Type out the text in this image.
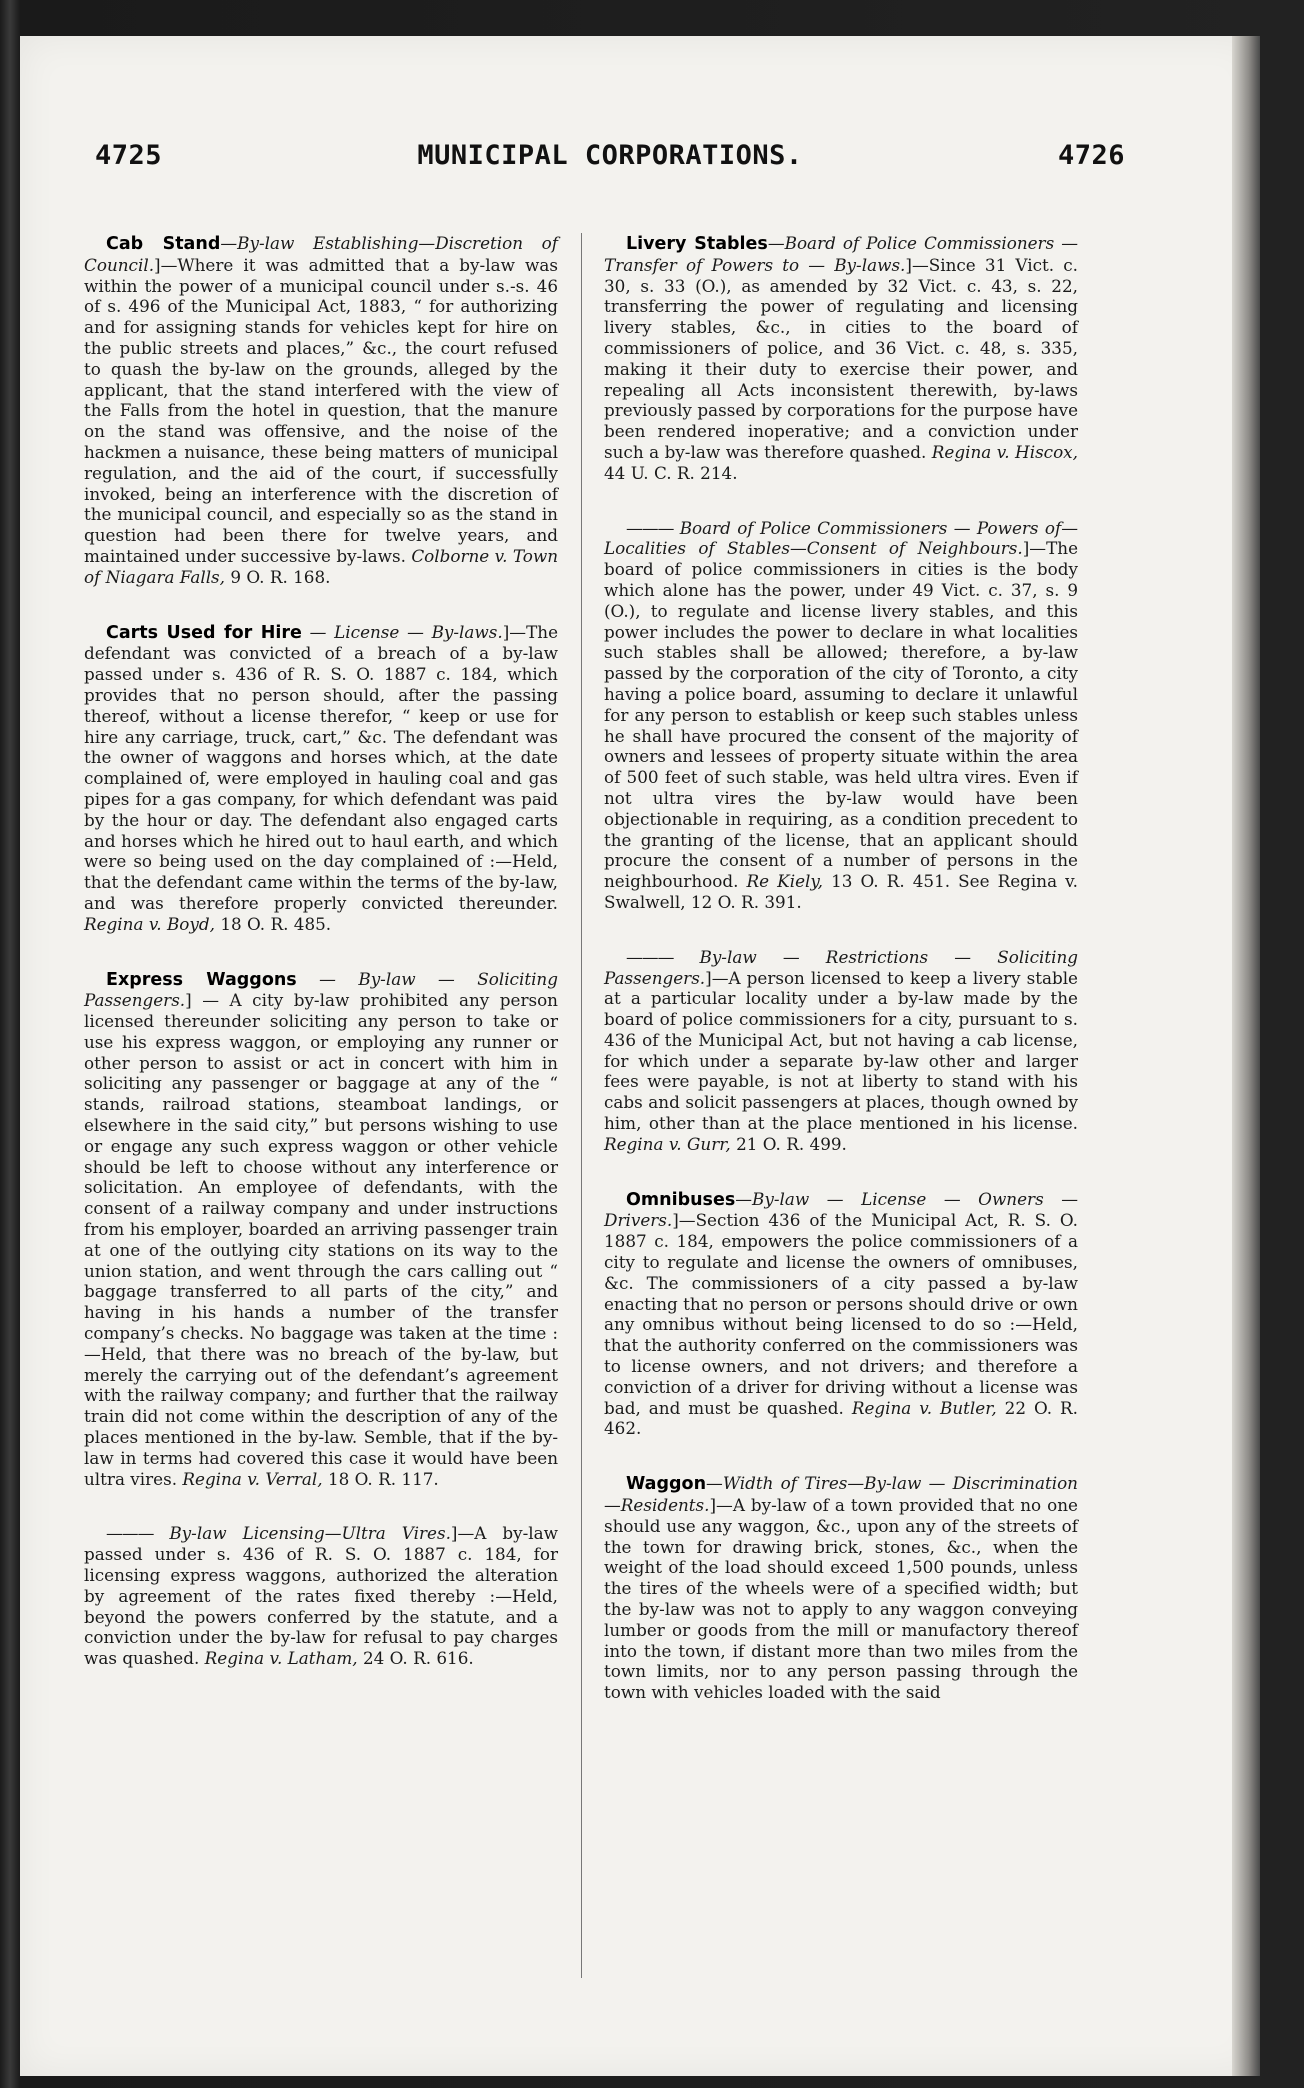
4725	MUNICIPAL CORPORATIONS.	4726

Cab Stand—By-law Establishing—Discretion of Council.]—Where it was admitted that a by-law was within the power of a municipal council under s.-s. 46 of s. 496 of the Municipal Act, 1883, “ for authorizing and for assigning stands for vehicles kept for hire on the public streets and places,” &c., the court refused to quash the by-law on the grounds, alleged by the applicant, that the stand interfered with the view of the Falls from the hotel in question, that the manure on the stand was offensive, and the noise of the hackmen a nuisance, these being matters of municipal regulation, and the aid of the court, if successfully invoked, being an interference with the discretion of the municipal council, and especially so as the stand in question had been there for twelve years, and maintained under successive by-laws. Colborne v. Town of Niagara Falls, 9 O. R. 168.

Carts Used for Hire — License — By-laws.]—The defendant was convicted of a breach of a by-law passed under s. 436 of R. S. O. 1887 c. 184, which provides that no person should, after the passing thereof, without a license therefor, “ keep or use for hire any carriage, truck, cart,” &c. The defendant was the owner of waggons and horses which, at the date complained of, were employed in hauling coal and gas pipes for a gas company, for which defendant was paid by the hour or day. The defendant also engaged carts and horses which he hired out to haul earth, and which were so being used on the day complained of :—Held, that the defendant came within the terms of the by-law, and was therefore properly convicted thereunder. Regina v. Boyd, 18 O. R. 485.

Express Waggons — By-law — Soliciting Passengers.] — A city by-law prohibited any person licensed thereunder soliciting any person to take or use his express waggon, or employing any runner or other person to assist or act in concert with him in soliciting any passenger or baggage at any of the “ stands, railroad stations, steamboat landings, or elsewhere in the said city,” but persons wishing to use or engage any such express waggon or other vehicle should be left to choose without any interference or solicitation. An employee of defendants, with the consent of a railway company and under instructions from his employer, boarded an arriving passenger train at one of the outlying city stations on its way to the union station, and went through the cars calling out “ baggage transferred to all parts of the city,” and having in his hands a number of the transfer company’s checks. No baggage was taken at the time :—Held, that there was no breach of the by-law, but merely the carrying out of the defendant’s agreement with the railway company; and further that the railway train did not come within the description of any of the places mentioned in the by-law. Semble, that if the by-law in terms had covered this case it would have been ultra vires. Regina v. Verral, 18 O. R. 117.

——— By-law Licensing—Ultra Vires.]—A by-law passed under s. 436 of R. S. O. 1887 c. 184, for licensing express waggons, authorized the alteration by agreement of the rates fixed thereby :—Held, beyond the powers conferred by the statute, and a conviction under the by-law for refusal to pay charges was quashed. Regina v. Latham, 24 O. R. 616.

Livery Stables—Board of Police Commissioners — Transfer of Powers to — By-laws.]—Since 31 Vict. c. 30, s. 33 (O.), as amended by 32 Vict. c. 43, s. 22, transferring the power of regulating and licensing livery stables, &c., in cities to the board of commissioners of police, and 36 Vict. c. 48, s. 335, making it their duty to exercise their power, and repealing all Acts inconsistent therewith, by-laws previously passed by corporations for the purpose have been rendered inoperative; and a conviction under such a by-law was therefore quashed. Regina v. Hiscox, 44 U. C. R. 214.

——— Board of Police Commissioners — Powers of—Localities of Stables—Consent of Neighbours.]—The board of police commissioners in cities is the body which alone has the power, under 49 Vict. c. 37, s. 9 (O.), to regulate and license livery stables, and this power includes the power to declare in what localities such stables shall be allowed; therefore, a by-law passed by the corporation of the city of Toronto, a city having a police board, assuming to declare it unlawful for any person to establish or keep such stables unless he shall have procured the consent of the majority of owners and lessees of property situate within the area of 500 feet of such stable, was held ultra vires. Even if not ultra vires the by-law would have been objectionable in requiring, as a condition precedent to the granting of the license, that an applicant should procure the consent of a number of persons in the neighbourhood. Re Kiely, 13 O. R. 451. See Regina v. Swalwell, 12 O. R. 391.

——— By-law — Restrictions — Soliciting Passengers.]—A person licensed to keep a livery stable at a particular locality under a by-law made by the board of police commissioners for a city, pursuant to s. 436 of the Municipal Act, but not having a cab license, for which under a separate by-law other and larger fees were payable, is not at liberty to stand with his cabs and solicit passengers at places, though owned by him, other than at the place mentioned in his license. Regina v. Gurr, 21 O. R. 499.

Omnibuses—By-law — License — Owners —Drivers.]—Section 436 of the Municipal Act, R. S. O. 1887 c. 184, empowers the police commissioners of a city to regulate and license the owners of omnibuses, &c. The commissioners of a city passed a by-law enacting that no person or persons should drive or own any omnibus without being licensed to do so :—Held, that the authority conferred on the commissioners was to license owners, and not drivers; and therefore a conviction of a driver for driving without a license was bad, and must be quashed. Regina v. Butler, 22 O. R. 462.

Waggon—Width of Tires—By-law — Discrimination—Residents.]—A by-law of a town provided that no one should use any waggon, &c., upon any of the streets of the town for drawing brick, stones, &c., when the weight of the load should exceed 1,500 pounds, unless the tires of the wheels were of a specified width; but the by-law was not to apply to any waggon conveying lumber or goods from the mill or manufactory thereof into the town, if distant more than two miles from the town limits, nor to any person passing through the town with vehicles loaded with the said
